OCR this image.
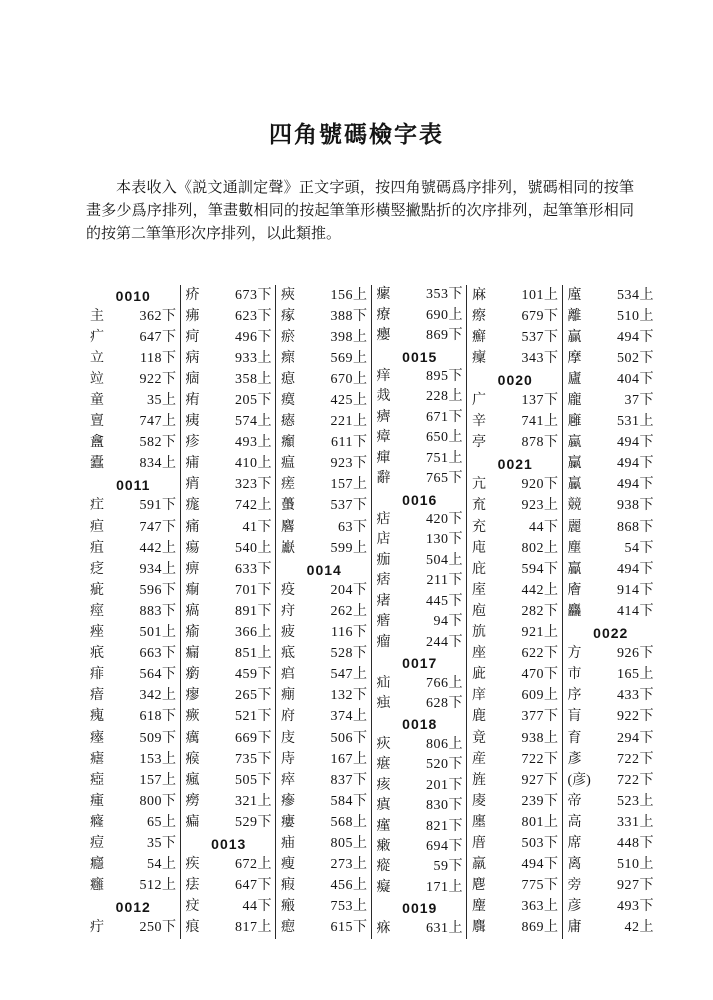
四角號碼檢字表
本表收入《説文通訓定聲》正文字頭，按四角號碼爲序排列，號碼相同的按筆畫多少爲序排列，筆畫數相同的按起筆筆形橫竪撇點折的次序排列，起筆筆形相同的按第二筆筆形次序排列，以此類推。
0010
主	362下
疒	647下
立	118下
竝	922下
童	35上
亶	747上
盫	582下
蠹	834上
0011
疘	591下
疸	747下
疽	442上
疺	934上
疵	596下
痙	883下
痤	501上
疧	663下
痱	564下
瘖	342上
瘣	618下
瘞	509下
瘧	153上
瘂	157上
瘇	800下
癃	65上
痘	35下
癮	54上
癰	512上
0012
疔	250下
疥	673下
疿	623下
疴	496下
病	933上
痼	358上
痏	205下
痍	574上
疹	493上
痡	410上
痟	323下
痝	742上
痛	41下
瘍	540上
痹	633下
痸	701下
瘑	891下
瘉	366上
瘺	851上
瘹	459下
瘳	265下
瘚	521下
癘	669下
瘊	735下
瘋	505下
癆	321上
㾫	529下
0013
疾	672上
㾀	647下
㽴	44下
痕	817上
㾜	156上
瘃	388下
瘀	398上
瘝	569上
瘜	670上
瘼	425上
瘱	221上
㿗	611下
瘟	923下
瘥	157上
蠆	537下
麔	63下
巚	599上
0014
疫	204下
疛	262上
疲	116下
疷	528下
㾔	547上
痭	132下
府	374上
庋	506下
庤	167上
瘁	837下
瘮	584下
瘻	568上
㾄	805上
瘦	273上
瘕	456上
瘢	753上
瘛	615下
瘰	353下
療	690上
癭	869下
0015
痒	895下
烖	228上
癠	671下
瘴	650上
瘒	751上
辭	765下
0016
痁	420下
店	130下
痂	504上
痞	211下
瘏	445下
㾬	94下
瘤	244下
0017
疝	766上
痋	628下
0018
疢	806上
瘎	520下
痎	201下
瘨	830下
瘽	821下
瘷	694下
瘲	59下
癡	171上
0019
㾋	631上
麻	101上
瘵	679下
癬	537下
癛	343下
0020
广	137下
辛	741上
亭	878下
0021
亢	920下
㐬	923上
充	44下
庉	802上
庇	594下
庢	442上
庖	282下
斻	921上
座	622下
庛	470下
庠	609上
鹿	377下
竟	938上
産	722下
旌	927下
庱	239下
廛	801上
庴	503下
羸	494下
麀	775下
麈	363上
麛	869上
廑	534上
離	510上
贏	494下
摩	502下
廬	404下
龐	37下
廱	531上
蠃	494下
臝	494下
驘	494下
競	938下
麗	868下
塵	54下
鸁	494下
廥	914下
麤	414下
0022
方	926下
市	165上
序	433下
肓	922下
育	294下
彥	722下
(彦) 722下
帝	523上
高	331上
席	448下
离	510上
旁	927下
彦	493下
庸	42上
